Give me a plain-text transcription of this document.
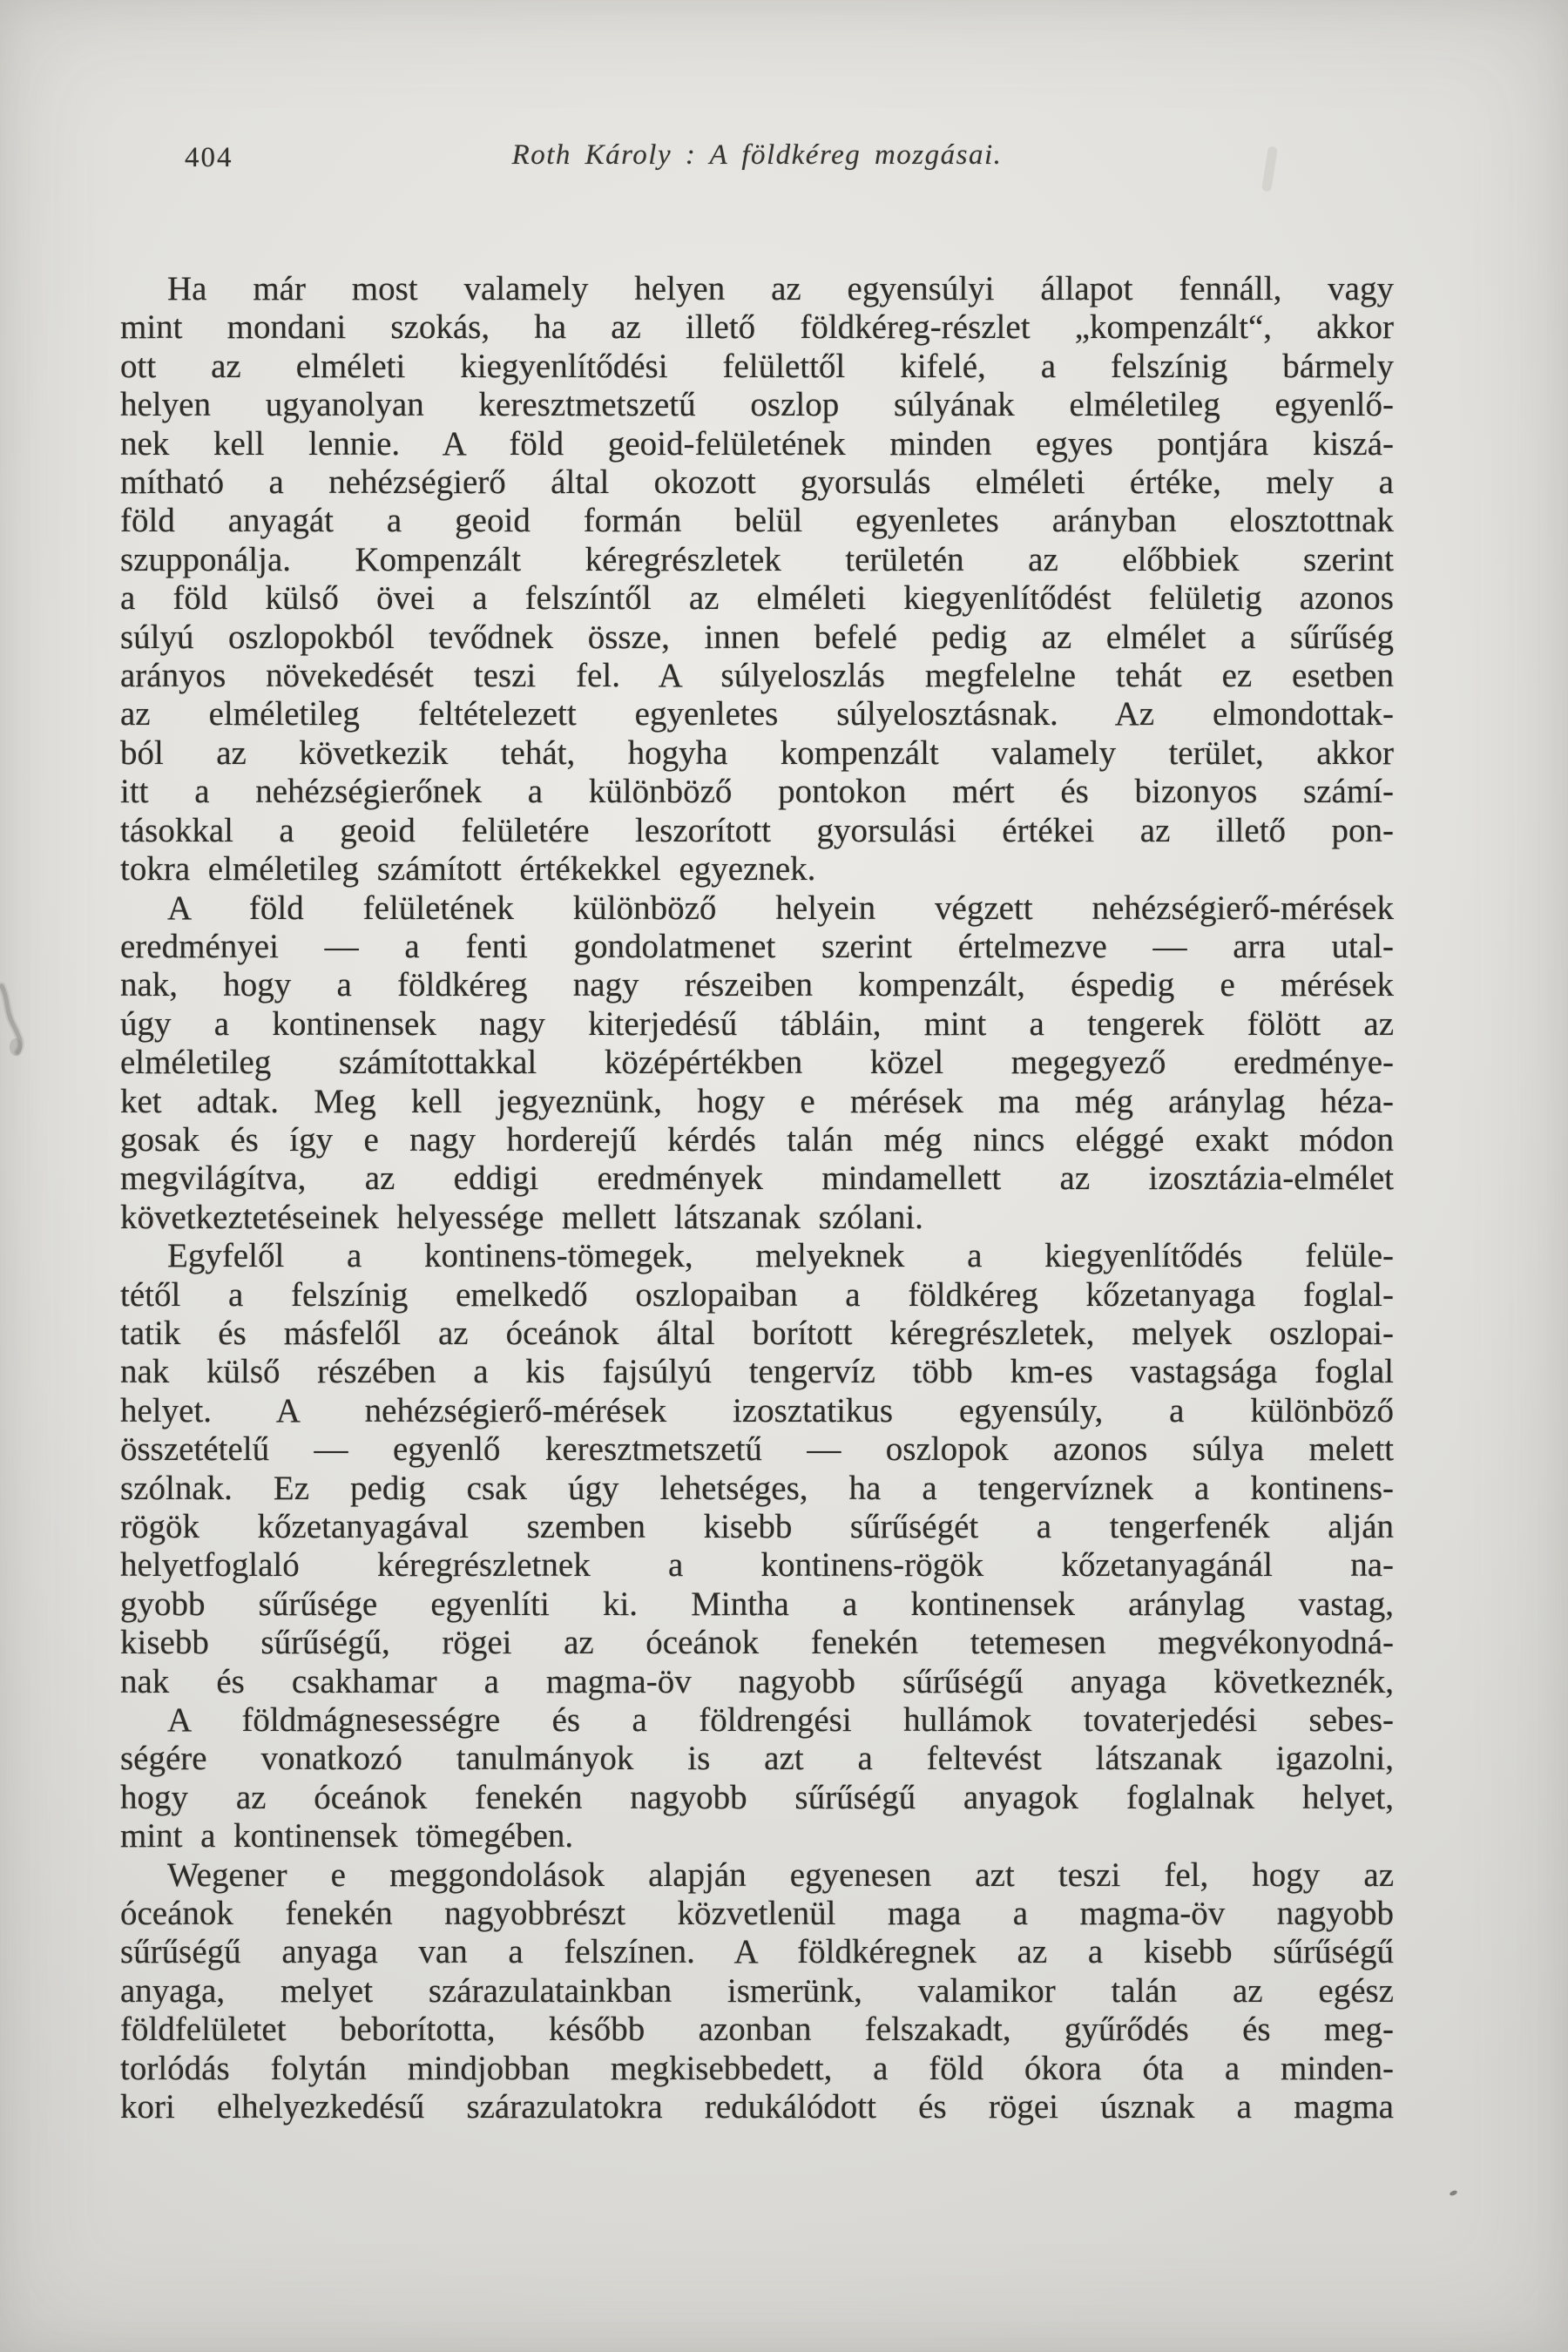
404	Roth Károly : A földkéreg mozgásai.

Ha már most valamely helyen az egyensúlyi állapot fennáll, vagy
mint mondani szokás, ha az illető földkéreg-részlet „kompenzált“, akkor
ott az elméleti kiegyenlítődési felülettől kifelé, a felszínig bármely
helyen ugyanolyan keresztmetszetű oszlop súlyának elméletileg egyenlő-
nek kell lennie. A föld geoid-felületének minden egyes pontjára kiszá-
mítható a nehézségierő által okozott gyorsulás elméleti értéke, mely a
föld anyagát a geoid formán belül egyenletes arányban elosztottnak
szupponálja. Kompenzált kéregrészletek területén az előbbiek szerint
a föld külső övei a felszíntől az elméleti kiegyenlítődést felületig azonos
súlyú oszlopokból tevődnek össze, innen befelé pedig az elmélet a sűrűség
arányos növekedését teszi fel. A súlyeloszlás megfelelne tehát ez esetben
az elméletileg feltételezett egyenletes súlyelosztásnak. Az elmondottak-
ból az következik tehát, hogyha kompenzált valamely terület, akkor
itt a nehézségierőnek a különböző pontokon mért és bizonyos számí-
tásokkal a geoid felületére leszorított gyorsulási értékei az illető pon-
tokra elméletileg számított értékekkel egyeznek.

A föld felületének különböző helyein végzett nehézségierő-mérések
eredményei — a fenti gondolatmenet szerint értelmezve — arra utal-
nak, hogy a földkéreg nagy részeiben kompenzált, éspedig e mérések
úgy a kontinensek nagy kiterjedésű tábláin, mint a tengerek fölött az
elméletileg számítottakkal középértékben közel megegyező eredménye-
ket adtak. Meg kell jegyeznünk, hogy e mérések ma még aránylag héza-
gosak és így e nagy horderejű kérdés talán még nincs eléggé exakt módon
megvilágítva, az eddigi eredmények mindamellett az izosztázia-elmélet
következtetéseinek helyessége mellett látszanak szólani.

Egyfelől a kontinens-tömegek, melyeknek a kiegyenlítődés felüle-
tétől a felszínig emelkedő oszlopaiban a földkéreg kőzetanyaga foglal-
tatik és másfelől az óceánok által borított kéregrészletek, melyek oszlopai-
nak külső részében a kis fajsúlyú tengervíz több km-es vastagsága foglal
helyet. A nehézségierő-mérések izosztatikus egyensúly, a különböző
összetételű — egyenlő keresztmetszetű — oszlopok azonos súlya melett
szólnak. Ez pedig csak úgy lehetséges, ha a tengervíznek a kontinens-
rögök kőzetanyagával szemben kisebb sűrűségét a tengerfenék alján
helyetfoglaló kéregrészletnek a kontinens-rögök kőzetanyagánál na-
gyobb sűrűsége egyenlíti ki. Mintha a kontinensek aránylag vastag,
kisebb sűrűségű, rögei az óceánok fenekén tetemesen megvékonyodná-
nak és csakhamar a magma-öv nagyobb sűrűségű anyaga következnék,

A földmágnesességre és a földrengési hullámok tovaterjedési sebes-
ségére vonatkozó tanulmányok is azt a feltevést látszanak igazolni,
hogy az óceánok fenekén nagyobb sűrűségű anyagok foglalnak helyet,
mint a kontinensek tömegében.

Wegener e meggondolások alapján egyenesen azt teszi fel, hogy az
óceánok fenekén nagyobbrészt közvetlenül maga a magma-öv nagyobb
sűrűségű anyaga van a felszínen. A földkéregnek az a kisebb sűrűségű
anyaga, melyet szárazulatainkban ismerünk, valamikor talán az egész
földfelületet beborította, később azonban felszakadt, gyűrődés és meg-
torlódás folytán mindjobban megkisebbedett, a föld ókora óta a minden-
kori elhelyezkedésű szárazulatokra redukálódott és rögei úsznak a magma
